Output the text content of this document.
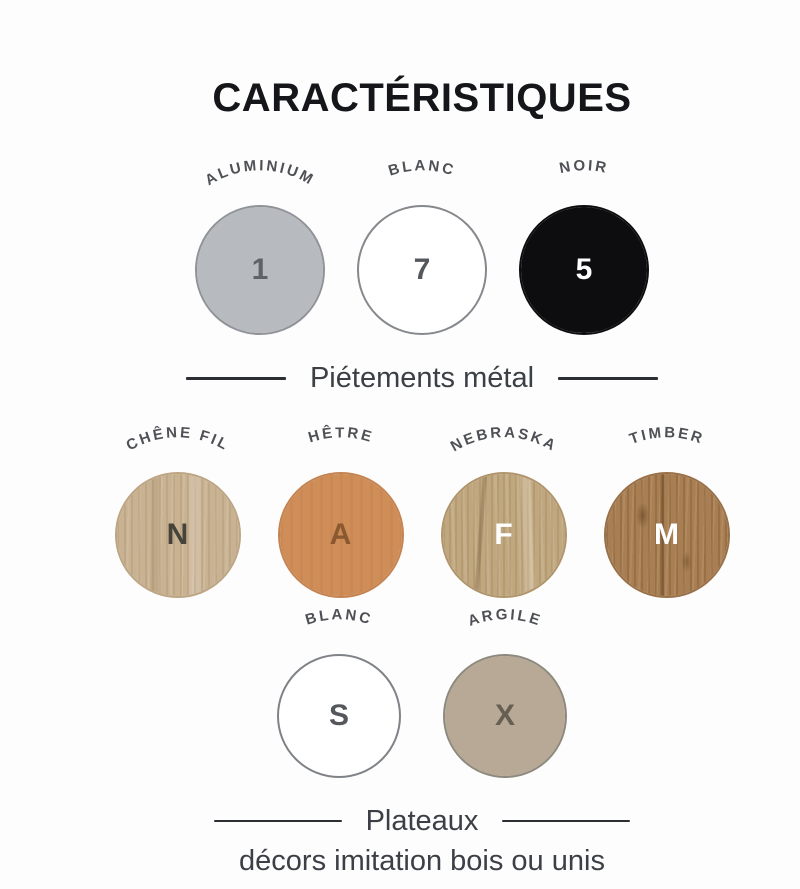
CARACTÉRISTIQUES
ALUMINIUM
1
BLANC
7
NOIR
5
Piétements métal
CHÊNE FIL
N
HÊTRE
A
NEBRASKA
F
TIMBER
M
BLANC
S
ARGILE
X
Plateaux
décors imitation bois ou unis
